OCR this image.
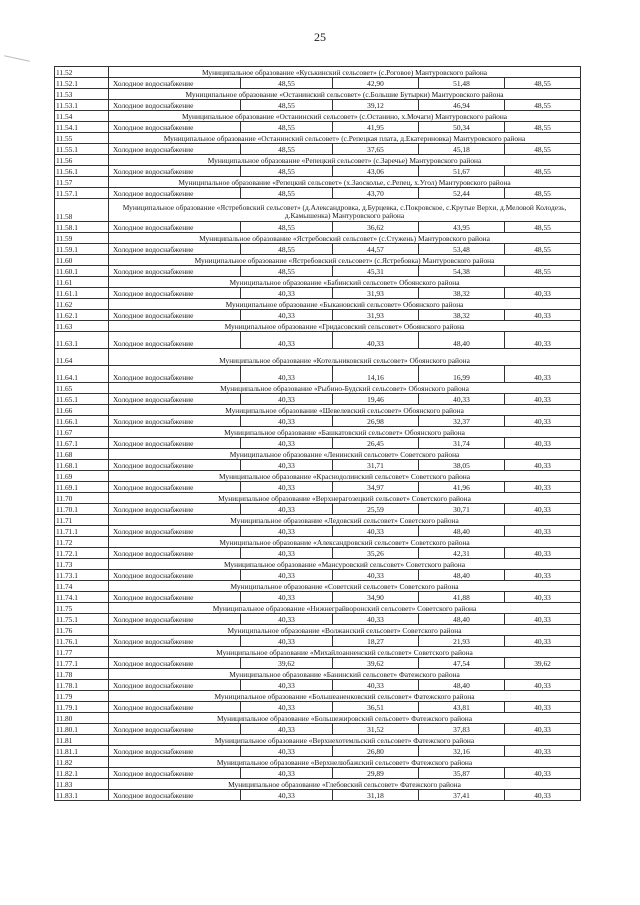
25
11.52	Муниципальное образование «Куськинский сельсовет» (с.Роговое) Мантуровского района				
11.52.1	Холодное водоснабжение	48,55	42,90	51,48	48,55
11.53	Муниципальное образование «Останинский сельсовет» (с.Большие Бутырки) Мантуровского района				
11.53.1	Холодное водоснабжение	48,55	39,12	46,94	48,55
11.54	Муниципальное образование «Останинский сельсовет» (с.Останино, х.Мочаги) Мантуровского района				
11.54.1	Холодное водоснабжение	48,55	41,95	50,34	48,55
11.55	Муниципальное образование «Останинский сельсовет» (с.Репецкая плата, д.Екатериновка) Мантуровского района				
11.55.1	Холодное водоснабжение	48,55	37,65	45,18	48,55
11.56	Муниципальное образование «Репецкий сельсовет» (с.Заречье) Мантуровского района				
11.56.1	Холодное водоснабжение	48,55	43,06	51,67	48,55
11.57	Муниципальное образование «Репецкий сельсовет» (х.Заосколье, с.Репец, х.Угол) Мантуровского района				
11.57.1	Холодное водоснабжение	48,55	43,70	52,44	48,55
11.58	Муниципальное образование «Ястребовский сельсовет» (д.Александровка, д.Бурцевка, с.Покровское, с.Крутые Верхи, д.Меловой Колодезь, д.Камышенка) Мантуровского района				
11.58.1	Холодное водоснабжение	48,55	36,62	43,95	48,55
11.59	Муниципальное образование «Ястребовский сельсовет» (с.Стужень) Мантуровского района				
11.59.1	Холодное водоснабжение	48,55	44,57	53,48	48,55
11.60	Муниципальное образование «Ястребовский сельсовет» (с.Ястребовка) Мантуровского района				
11.60.1	Холодное водоснабжение	48,55	45,31	54,38	48,55
11.61	Муниципальное образование «Бабинский сельсовет» Обоянского района				
11.61.1	Холодное водоснабжение	40,33	31,93	38,32	40,33
11.62	Муниципальное образование «Быкановский сельсовет» Обоянского района				
11.62.1	Холодное водоснабжение	40,33	31,93	38,32	40,33
11.63	Муниципальное образование «Гридасовский сельсовет» Обоянского района				
11.63.1	Холодное водоснабжение	40,33	40,33	48,40	40,33
11.64	Муниципальное образование «Котельниковский сельсовет» Обоянского района				
11.64.1	Холодное водоснабжение	40,33	14,16	16,99	40,33
11.65	Муниципальное образование «Рыбино-Будский сельсовет» Обоянского района				
11.65.1	Холодное водоснабжение	40,33	19,46	40,33	40,33
11.66	Муниципальное образование «Шевелевский сельсовет» Обоянского района				
11.66.1	Холодное водоснабжение	40,33	26,98	32,37	40,33
11.67	Муниципальное образование «Башкатовский сельсовет» Обоянского района				
11.67.1	Холодное водоснабжение	40,33	26,45	31,74	40,33
11.68	Муниципальное образование «Ленинский сельсовет» Советского района				
11.68.1	Холодное водоснабжение	40,33	31,71	38,05	40,33
11.69	Муниципальное образование «Краснодолинский сельсовет» Советского района				
11.69.1	Холодное водоснабжение	40,33	34,97	41,96	40,33
11.70	Муниципальное образование «Верхнерагозецкий сельсовет» Советского района				
11.70.1	Холодное водоснабжение	40,33	25,59	30,71	40,33
11.71	Муниципальное образование «Ледовский сельсовет» Советского района				
11.71.1	Холодное водоснабжение	40,33	40,33	48,40	40,33
11.72	Муниципальное образование «Александровский сельсовет» Советского района				
11.72.1	Холодное водоснабжение	40,33	35,26	42,31	40,33
11.73	Муниципальное образование «Мансуровский сельсовет» Советского района				
11.73.1	Холодное водоснабжение	40,33	40,33	48,40	40,33
11.74	Муниципальное образование «Советский сельсовет» Советского района				
11.74.1	Холодное водоснабжение	40,33	34,90	41,88	40,33
11.75	Муниципальное образование «Нижнеграйворонский сельсовет» Советского района				
11.75.1	Холодное водоснабжение	40,33	40,33	48,40	40,33
11.76	Муниципальное образование «Волжанский сельсовет» Советского района				
11.76.1	Холодное водоснабжение	40,33	18,27	21,93	40,33
11.77	Муниципальное образование «Михайлоанненский сельсовет» Советского района				
11.77.1	Холодное водоснабжение	39,62	39,62	47,54	39,62
11.78	Муниципальное образование «Банинский сельсовет» Фатежского района				
11.78.1	Холодное водоснабжение	40,33	40,33	48,40	40,33
11.79	Муниципальное образование «Большеаненковский сельсовет» Фатежского района				
11.79.1	Холодное водоснабжение	40,33	36,51	43,81	40,33
11.80	Муниципальное образование «Большежировский сельсовет» Фатежского района				
11.80.1	Холодное водоснабжение	40,33	31,52	37,83	40,33
11.81	Муниципальное образование «Верхнехотемльский сельсовет» Фатежского района				
11.81.1	Холодное водоснабжение	40,33	26,80	32,16	40,33
11.82	Муниципальное образование «Верхнелюбажский сельсовет» Фатежского района				
11.82.1	Холодное водоснабжение	40,33	29,89	35,87	40,33
11.83	Муниципальное образование «Глебовский сельсовет» Фатежского района				
11.83.1	Холодное водоснабжение	40,33	31,18	37,41	40,33
